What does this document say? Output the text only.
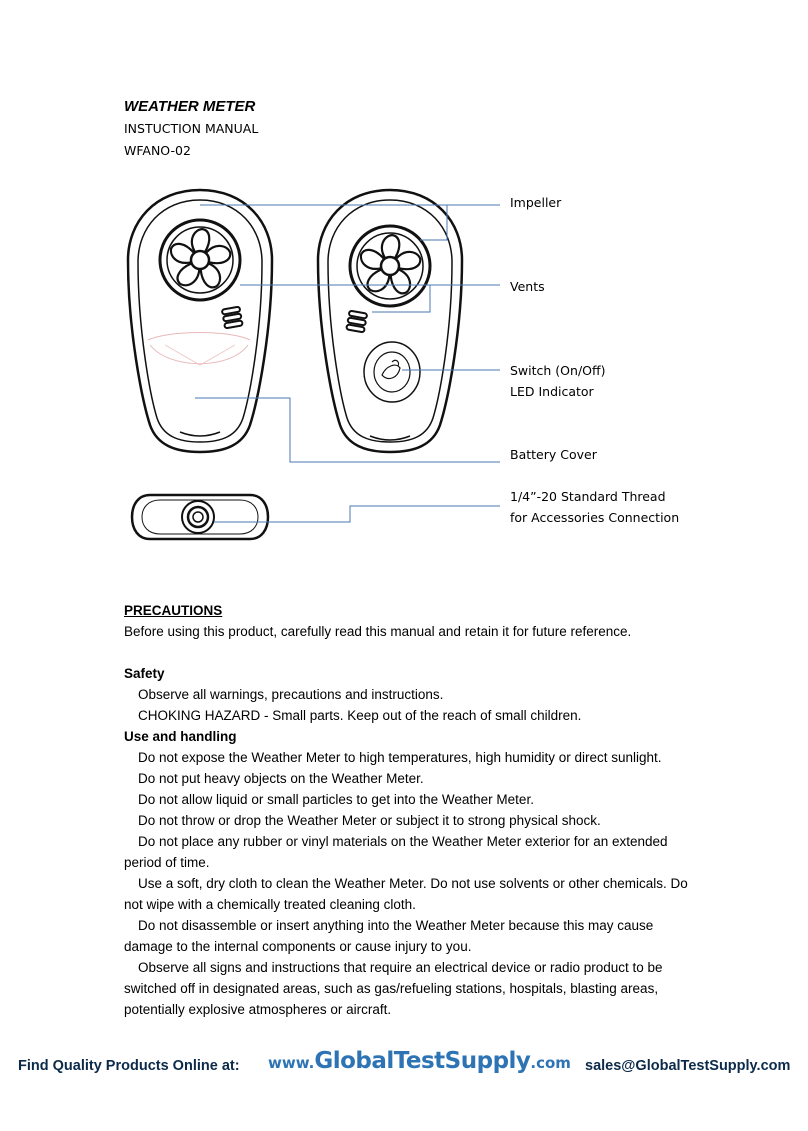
WEATHER METER
INSTUCTION MANUAL
WFANO-02
Impeller
Vents
Switch (On/Off)
LED Indicator
Battery Cover
1/4”-20 Standard Thread
for Accessories Connection

PRECAUTIONS

Before using this product, carefully read this manual and retain it for future reference.

Safety

Observe all warnings, precautions and instructions.

CHOKING HAZARD - Small parts. Keep out of the reach of small children.

Use and handling

Do not expose the Weather Meter to high temperatures, high humidity or direct sunlight.

Do not put heavy objects on the Weather Meter.

Do not allow liquid or small particles to get into the Weather Meter.

Do not throw or drop the Weather Meter or subject it to strong physical shock.

Do not place any rubber or vinyl materials on the Weather Meter exterior for an extended period of time.

Use a soft, dry cloth to clean the Weather Meter. Do not use solvents or other chemicals. Do not wipe with a chemically treated cleaning cloth.

Do not disassemble or insert anything into the Weather Meter because this may cause damage to the internal components or cause injury to you.

Observe all signs and instructions that require an electrical device or radio product to be switched off in designated areas, such as gas/refueling stations, hospitals, blasting areas, potentially explosive atmospheres or aircraft.

Find Quality Products Online at: www.GlobalTestSupply.com sales@GlobalTestSupply.com
